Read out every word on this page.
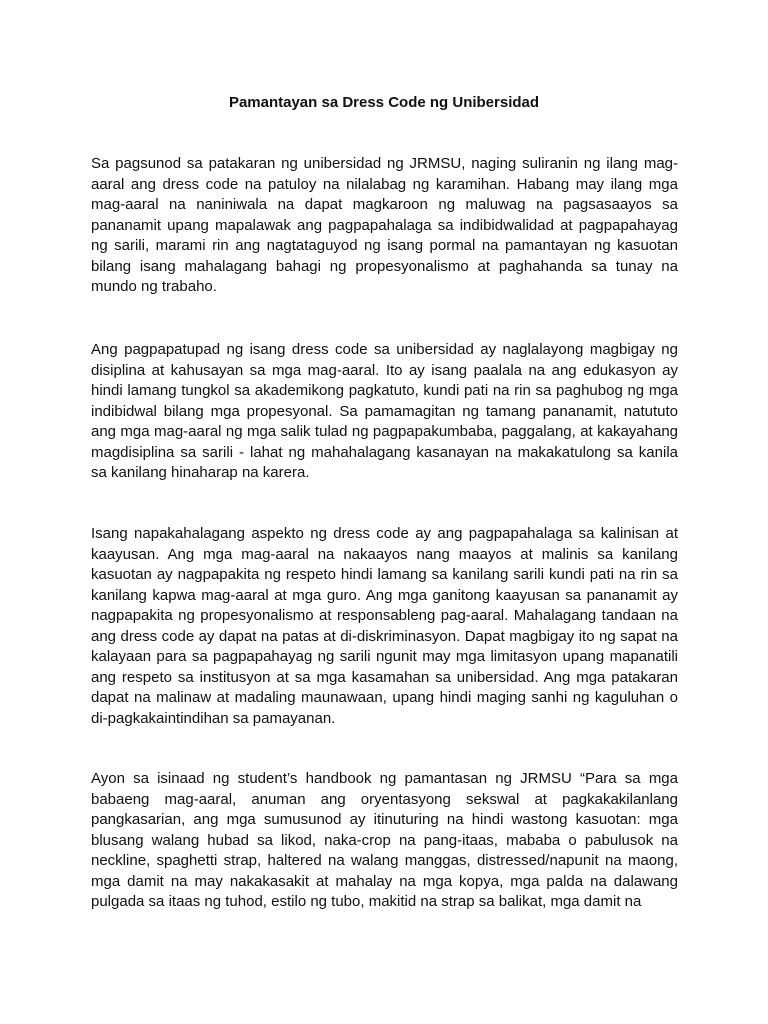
Pamantayan sa Dress Code ng Unibersidad

Sa pagsunod sa patakaran ng unibersidad ng JRMSU, naging suliranin ng ilang mag-aaral ang dress code na patuloy na nilalabag ng karamihan. Habang may ilang mga mag-aaral na naniniwala na dapat magkaroon ng maluwag na pagsasaayos sa pananamit upang mapalawak ang pagpapahalaga sa indibidwalidad at pagpapahayag ng sarili, marami rin ang nagtataguyod ng isang pormal na pamantayan ng kasuotan bilang isang mahalagang bahagi ng propesyonalismo at paghahanda sa tunay na mundo ng trabaho.

Ang pagpapatupad ng isang dress code sa unibersidad ay naglalayong magbigay ng disiplina at kahusayan sa mga mag-aaral. Ito ay isang paalala na ang edukasyon ay hindi lamang tungkol sa akademikong pagkatuto, kundi pati na rin sa paghubog ng mga indibidwal bilang mga propesyonal. Sa pamamagitan ng tamang pananamit, natututo ang mga mag-aaral ng mga salik tulad ng pagpapakumbaba, paggalang, at kakayahang magdisiplina sa sarili - lahat ng mahahalagang kasanayan na makakatulong sa kanila sa kanilang hinaharap na karera.

Isang napakahalagang aspekto ng dress code ay ang pagpapahalaga sa kalinisan at kaayusan. Ang mga mag-aaral na nakaayos nang maayos at malinis sa kanilang kasuotan ay nagpapakita ng respeto hindi lamang sa kanilang sarili kundi pati na rin sa kanilang kapwa mag-aaral at mga guro. Ang mga ganitong kaayusan sa pananamit ay nagpapakita ng propesyonalismo at responsableng pag-aaral. Mahalagang tandaan na ang dress code ay dapat na patas at di-diskriminasyon. Dapat magbigay ito ng sapat na kalayaan para sa pagpapahayag ng sarili ngunit may mga limitasyon upang mapanatili ang respeto sa institusyon at sa mga kasamahan sa unibersidad. Ang mga patakaran dapat na malinaw at madaling maunawaan, upang hindi maging sanhi ng kaguluhan o di-pagkakaintindihan sa pamayanan.

Ayon sa isinaad ng student’s handbook ng pamantasan ng JRMSU “Para sa mga babaeng mag-aaral, anuman ang oryentasyong sekswal at pagkakakilanlang pangkasarian, ang mga sumusunod ay itinuturing na hindi wastong kasuotan: mga blusang walang hubad sa likod, naka-crop na pang-itaas, mababa o pabulusok na neckline, spaghetti strap, haltered na walang manggas, distressed/napunit na maong, mga damit na may nakakasakit at mahalay na mga kopya, mga palda na dalawang pulgada sa itaas ng tuhod, estilo ng tubo, makitid na strap sa balikat, mga damit na
